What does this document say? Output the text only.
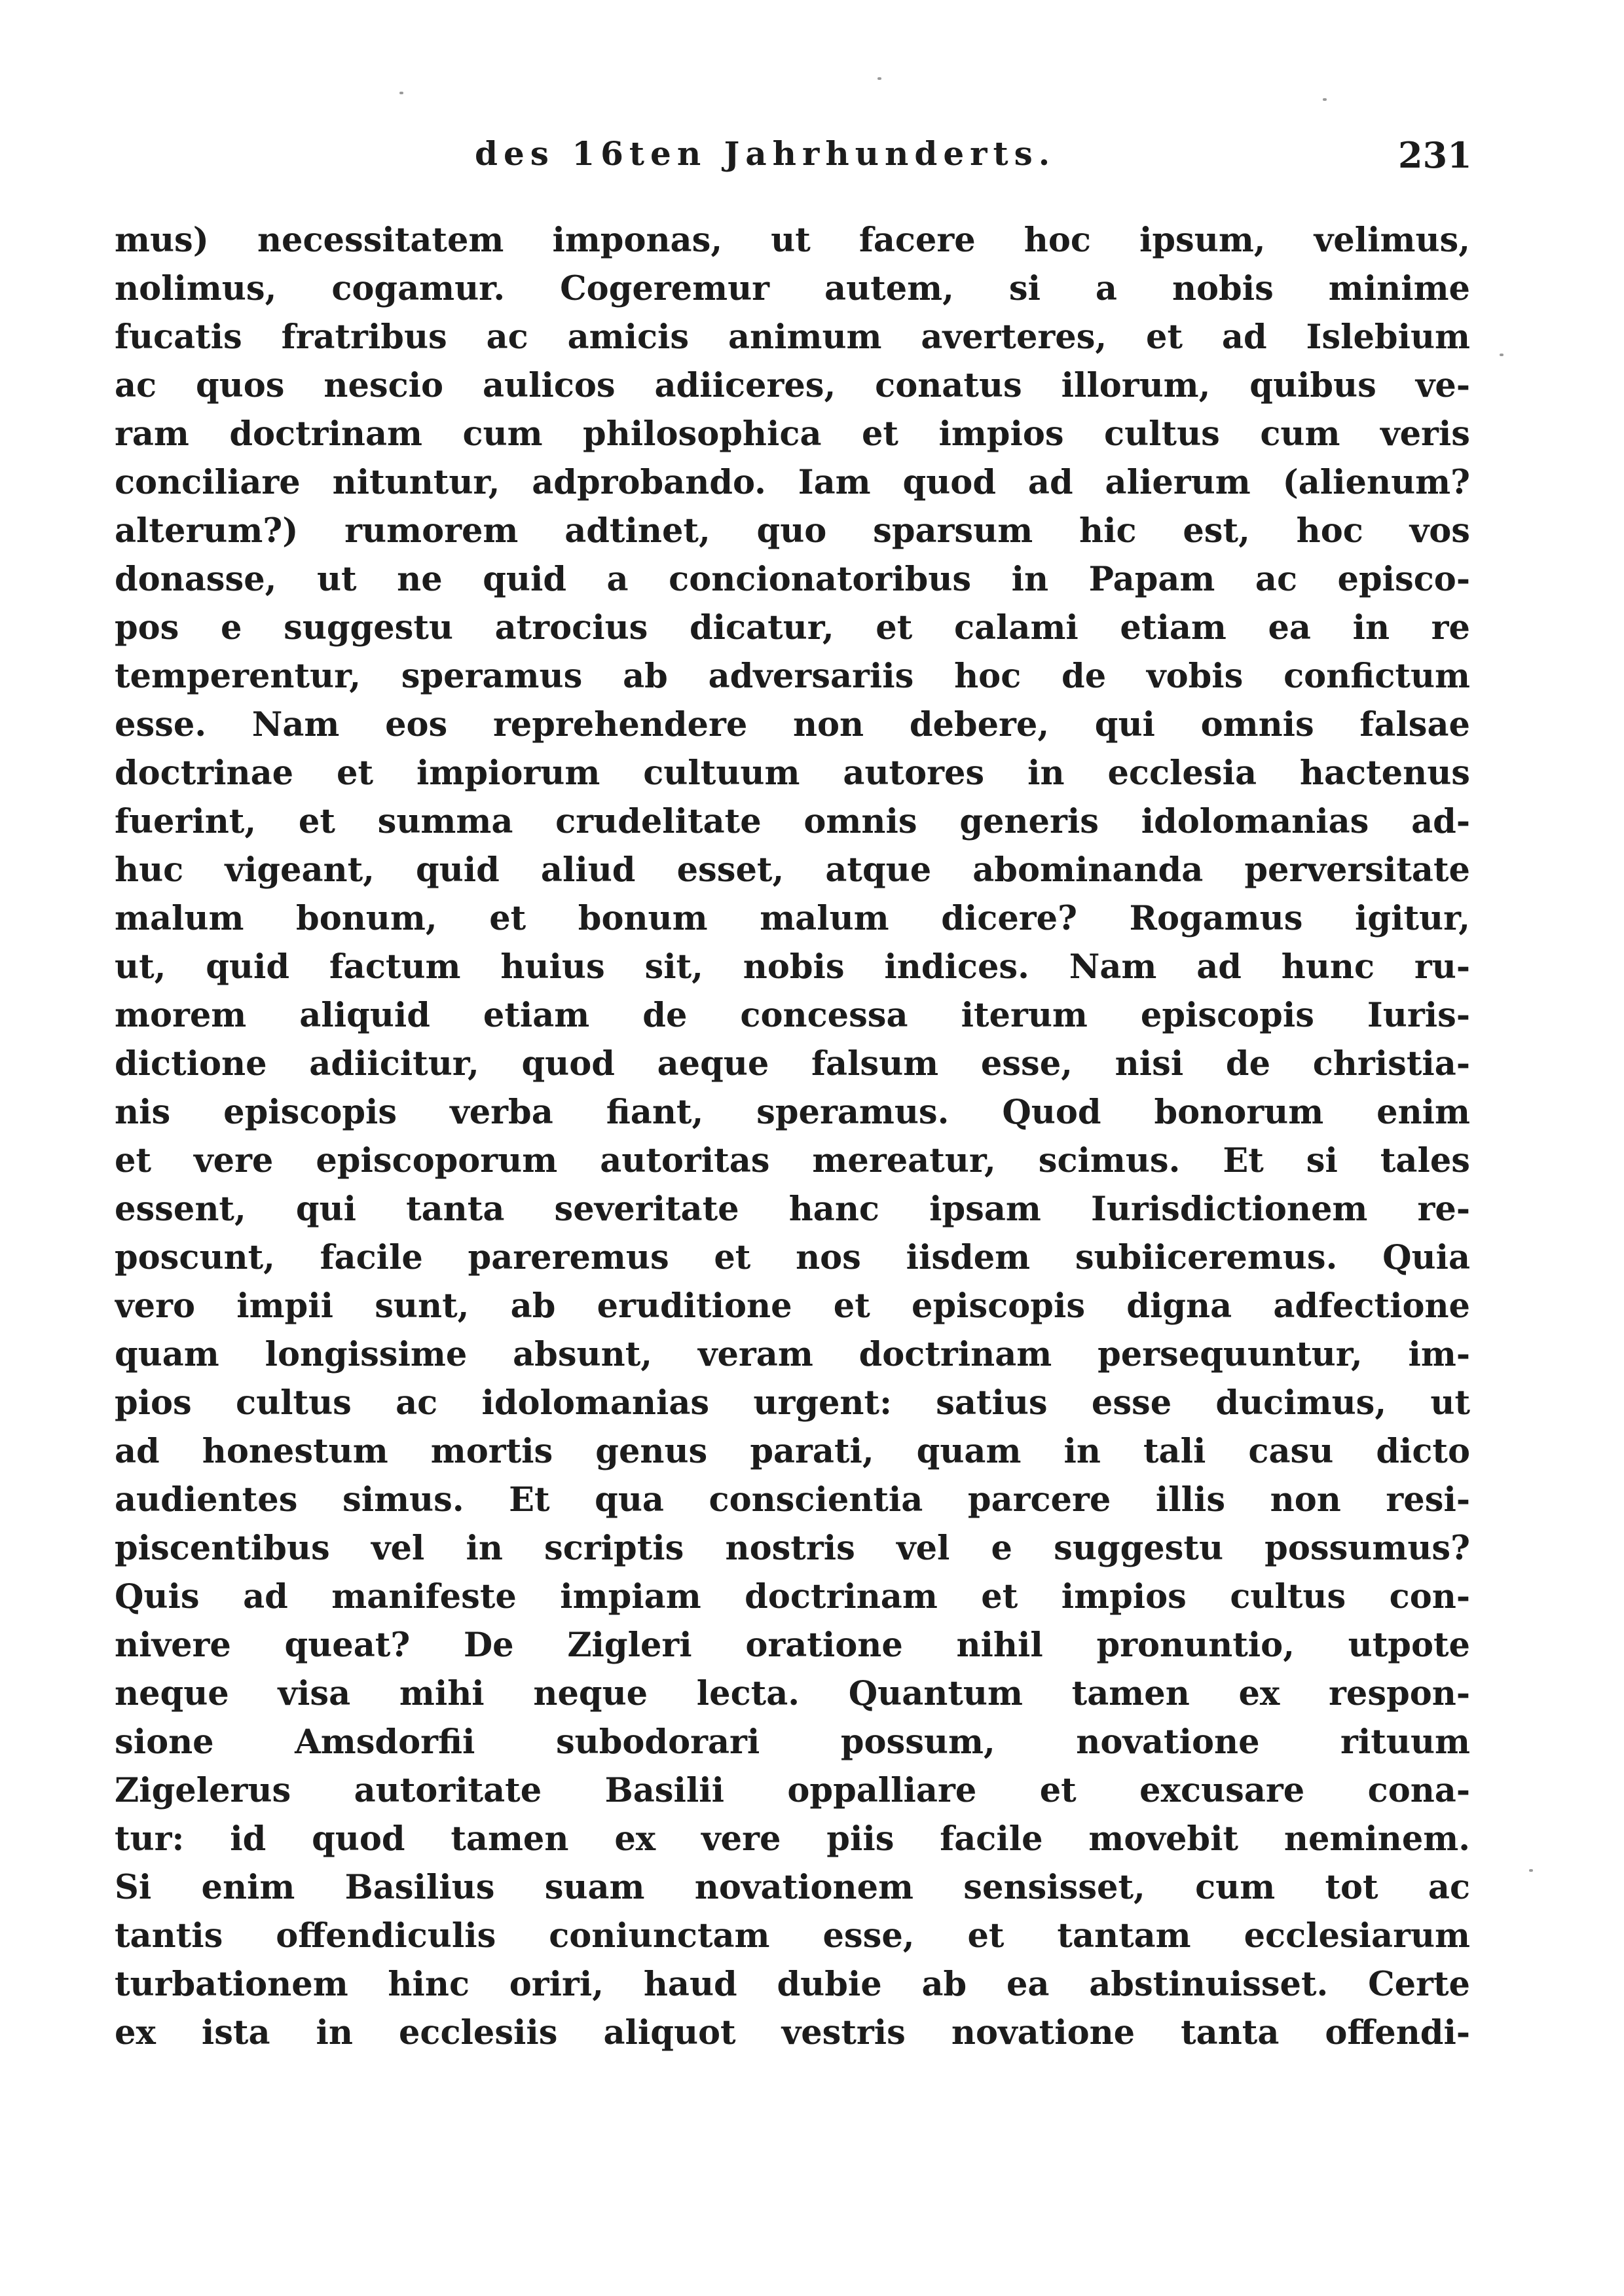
des 16ten Jahrhunderts.	231
mus) necessitatem imponas, ut facere hoc ipsum, velimus,
nolimus, cogamur. Cogeremur autem, si a nobis minime
fucatis fratribus ac amicis animum averteres, et ad Islebium
ac quos nescio aulicos adiiceres, conatus illorum, quibus ve-
ram doctrinam cum philosophica et impios cultus cum veris
conciliare nituntur, adprobando. Iam quod ad alierum (alienum?
alterum?) rumorem adtinet, quo sparsum hic est, hoc vos
donasse, ut ne quid a concionatoribus in Papam ac episco-
pos e suggestu atrocius dicatur, et calami etiam ea in re
temperentur, speramus ab adversariis hoc de vobis confictum
esse. Nam eos reprehendere non debere, qui omnis falsae
doctrinae et impiorum cultuum autores in ecclesia hactenus
fuerint, et summa crudelitate omnis generis idolomanias ad-
huc vigeant, quid aliud esset, atque abominanda perversitate
malum bonum, et bonum malum dicere? Rogamus igitur,
ut, quid factum huius sit, nobis indices. Nam ad hunc ru-
morem aliquid etiam de concessa iterum episcopis Iuris-
dictione adiicitur, quod aeque falsum esse, nisi de christia-
nis episcopis verba fiant, speramus. Quod bonorum enim
et vere episcoporum autoritas mereatur, scimus. Et si tales
essent, qui tanta severitate hanc ipsam Iurisdictionem re-
poscunt, facile pareremus et nos iisdem subiiceremus. Quia
vero impii sunt, ab eruditione et episcopis digna adfectione
quam longissime absunt, veram doctrinam persequuntur, im-
pios cultus ac idolomanias urgent: satius esse ducimus, ut
ad honestum mortis genus parati, quam in tali casu dicto
audientes simus. Et qua conscientia parcere illis non resi-
piscentibus vel in scriptis nostris vel e suggestu possumus?
Quis ad manifeste impiam doctrinam et impios cultus con-
nivere queat? De Zigleri oratione nihil pronuntio, utpote
neque visa mihi neque lecta. Quantum tamen ex respon-
sione Amsdorfii subodorari possum, novatione rituum
Zigelerus autoritate Basilii oppalliare et excusare cona-
tur: id quod tamen ex vere piis facile movebit neminem.
Si enim Basilius suam novationem sensisset, cum tot ac
tantis offendiculis coniunctam esse, et tantam ecclesiarum
turbationem hinc oriri, haud dubie ab ea abstinuisset. Certe
ex ista in ecclesiis aliquot vestris novatione tanta offendi-
